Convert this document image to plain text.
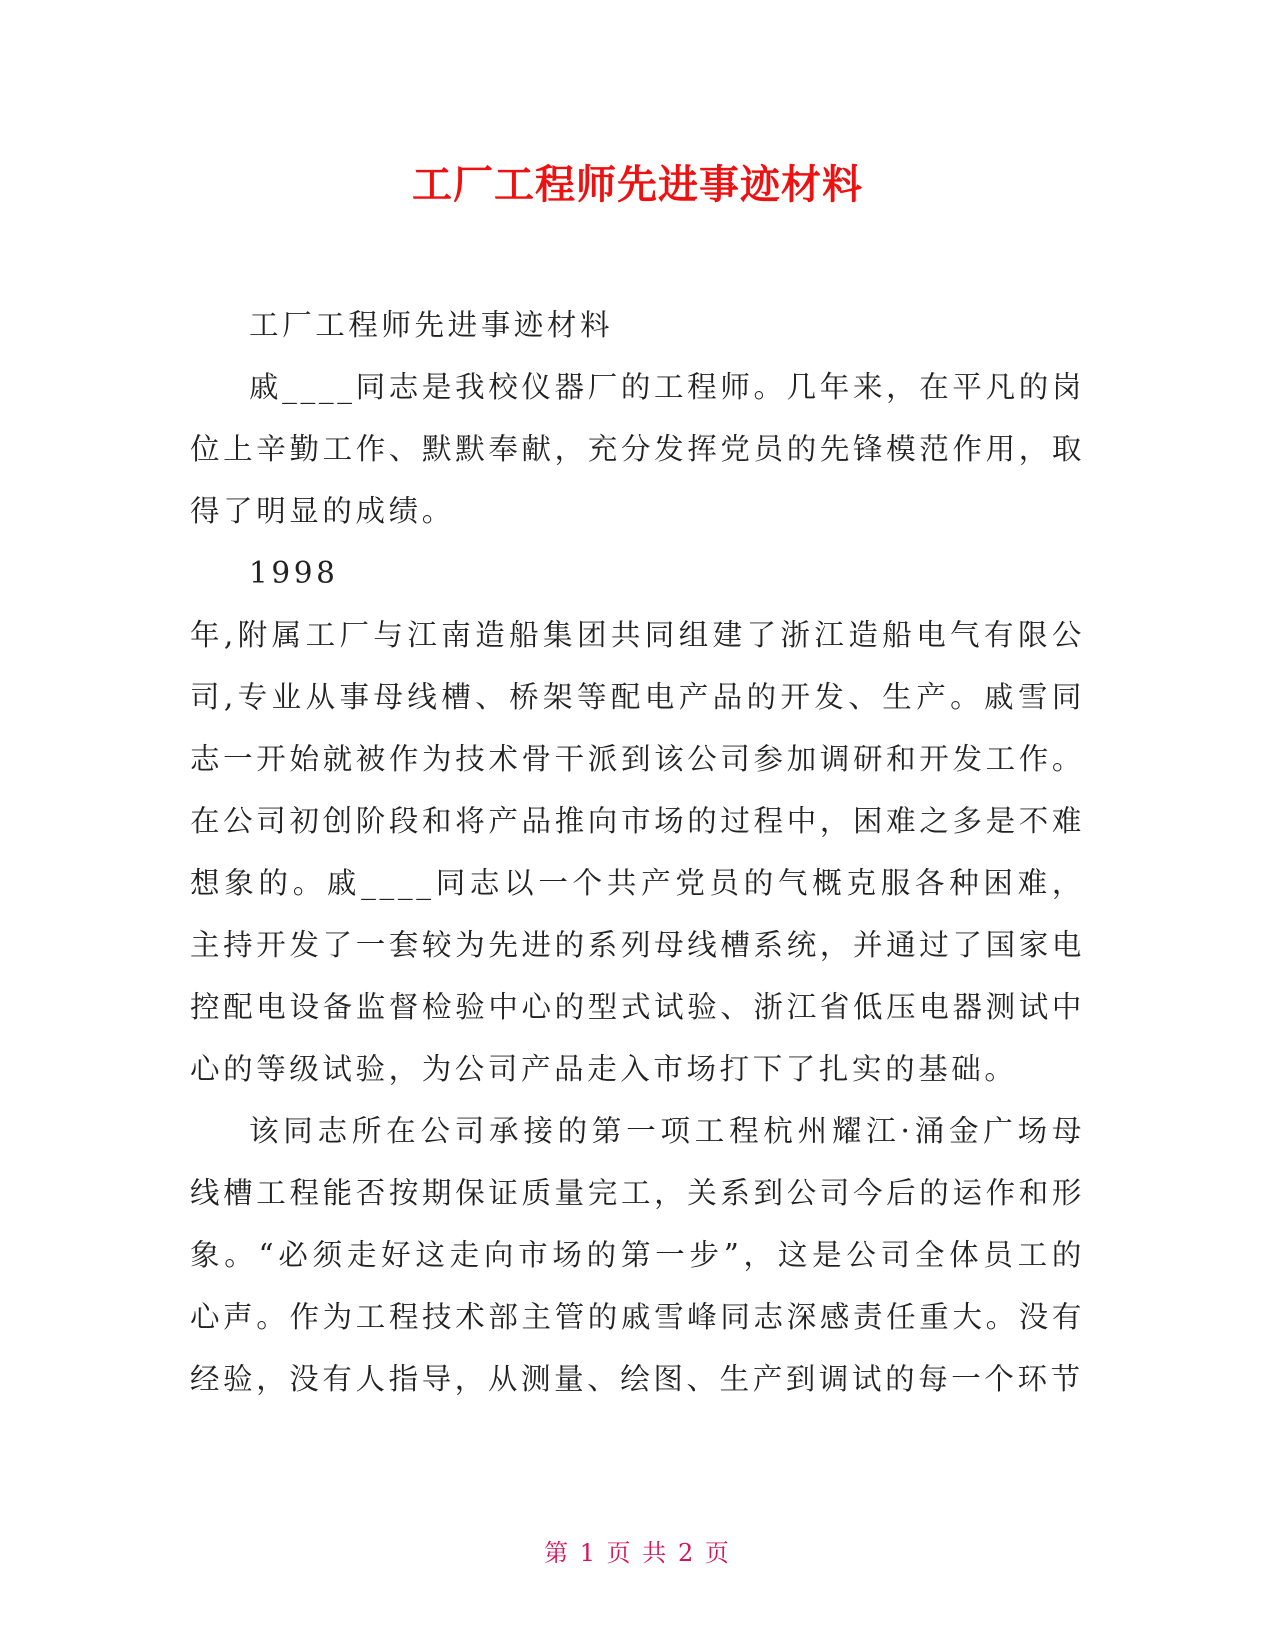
工厂工程师先进事迹材料

工厂工程师先进事迹材料

戚____同志是我校仪器厂的工程师。几年来，在平凡的岗位上辛勤工作、默默奉献，充分发挥党员的先锋模范作用，取得了明显的成绩。

1998

年,附属工厂与江南造船集团共同组建了浙江造船电气有限公司,专业从事母线槽、桥架等配电产品的开发、生产。戚雪同志一开始就被作为技术骨干派到该公司参加调研和开发工作。在公司初创阶段和将产品推向市场的过程中，困难之多是不难想象的。戚____同志以一个共产党员的气概克服各种困难，主持开发了一套较为先进的系列母线槽系统，并通过了国家电控配电设备监督检验中心的型式试验、浙江省低压电器测试中心的等级试验，为公司产品走入市场打下了扎实的基础。

该同志所在公司承接的第一项工程杭州耀江·涌金广场母线槽工程能否按期保证质量完工，关系到公司今后的运作和形象。“必须走好这走向市场的第一步”，这是公司全体员工的心声。作为工程技术部主管的戚雪峰同志深感责任重大。没有经验，没有人指导，从测量、绘图、生产到调试的每一个环节

第 1 页 共 2 页
